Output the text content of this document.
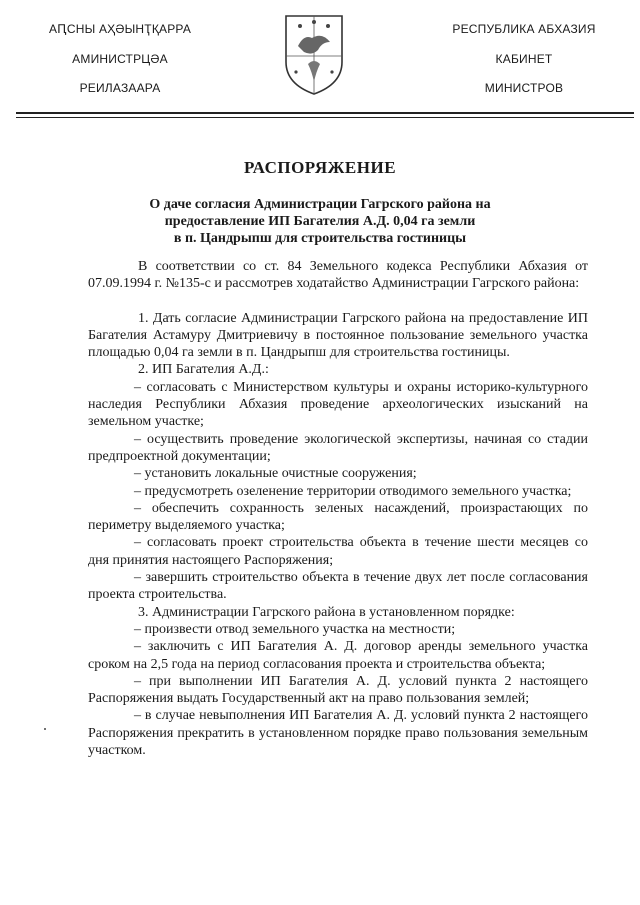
АԤСНЫ АҲӘЫНҬҚАРРА
АМИНИСТРЦӘА
РЕИЛАЗААРА
РЕСПУБЛИКА АБХАЗИЯ
КАБИНЕТ
МИНИСТРОВ
РАСПОРЯЖЕНИЕ
О даче согласия Администрации Гагрского района на
предоставление ИП Багателия А.Д. 0,04 га земли
в п. Цандрыпш для строительства гостиницы

В соответствии со ст. 84 Земельного кодекса Республики Абхазия от 07.09.1994 г. №135-с и рассмотрев ходатайство Администрации Гагрского района:

1. Дать согласие Администрации Гагрского района на предоставление ИП Багателия Астамуру Дмитриевичу в постоянное пользование земельного участка площадью 0,04 га земли в п. Цандрыпш для строительства гостиницы.

2. ИП Багателия А.Д.:

– согласовать с Министерством культуры и охраны историко-культурного наследия Республики Абхазия проведение археологических изысканий на земельном участке;

– осуществить проведение экологической экспертизы, начиная со стадии предпроектной документации;

– установить локальные очистные сооружения;

– предусмотреть озеленение территории отводимого земельного участка;

– обеспечить сохранность зеленых насаждений, произрастающих по периметру выделяемого участка;

– согласовать проект строительства объекта в течение шести месяцев со дня принятия настоящего Распоряжения;

– завершить строительство объекта в течение двух лет после согласования проекта строительства.

3. Администрации Гагрского района в установленном порядке:

– произвести отвод земельного участка на местности;

– заключить с ИП Багателия А. Д. договор аренды земельного участка сроком на 2,5 года на период согласования проекта и строительства объекта;

– при выполнении ИП Багателия А. Д. условий пункта 2 настоящего Распоряжения выдать Государственный акт на право пользования землей;

– в случае невыполнения ИП Багателия А. Д. условий пункта 2 настоящего Распоряжения прекратить в установленном порядке право пользования земельным участком.
